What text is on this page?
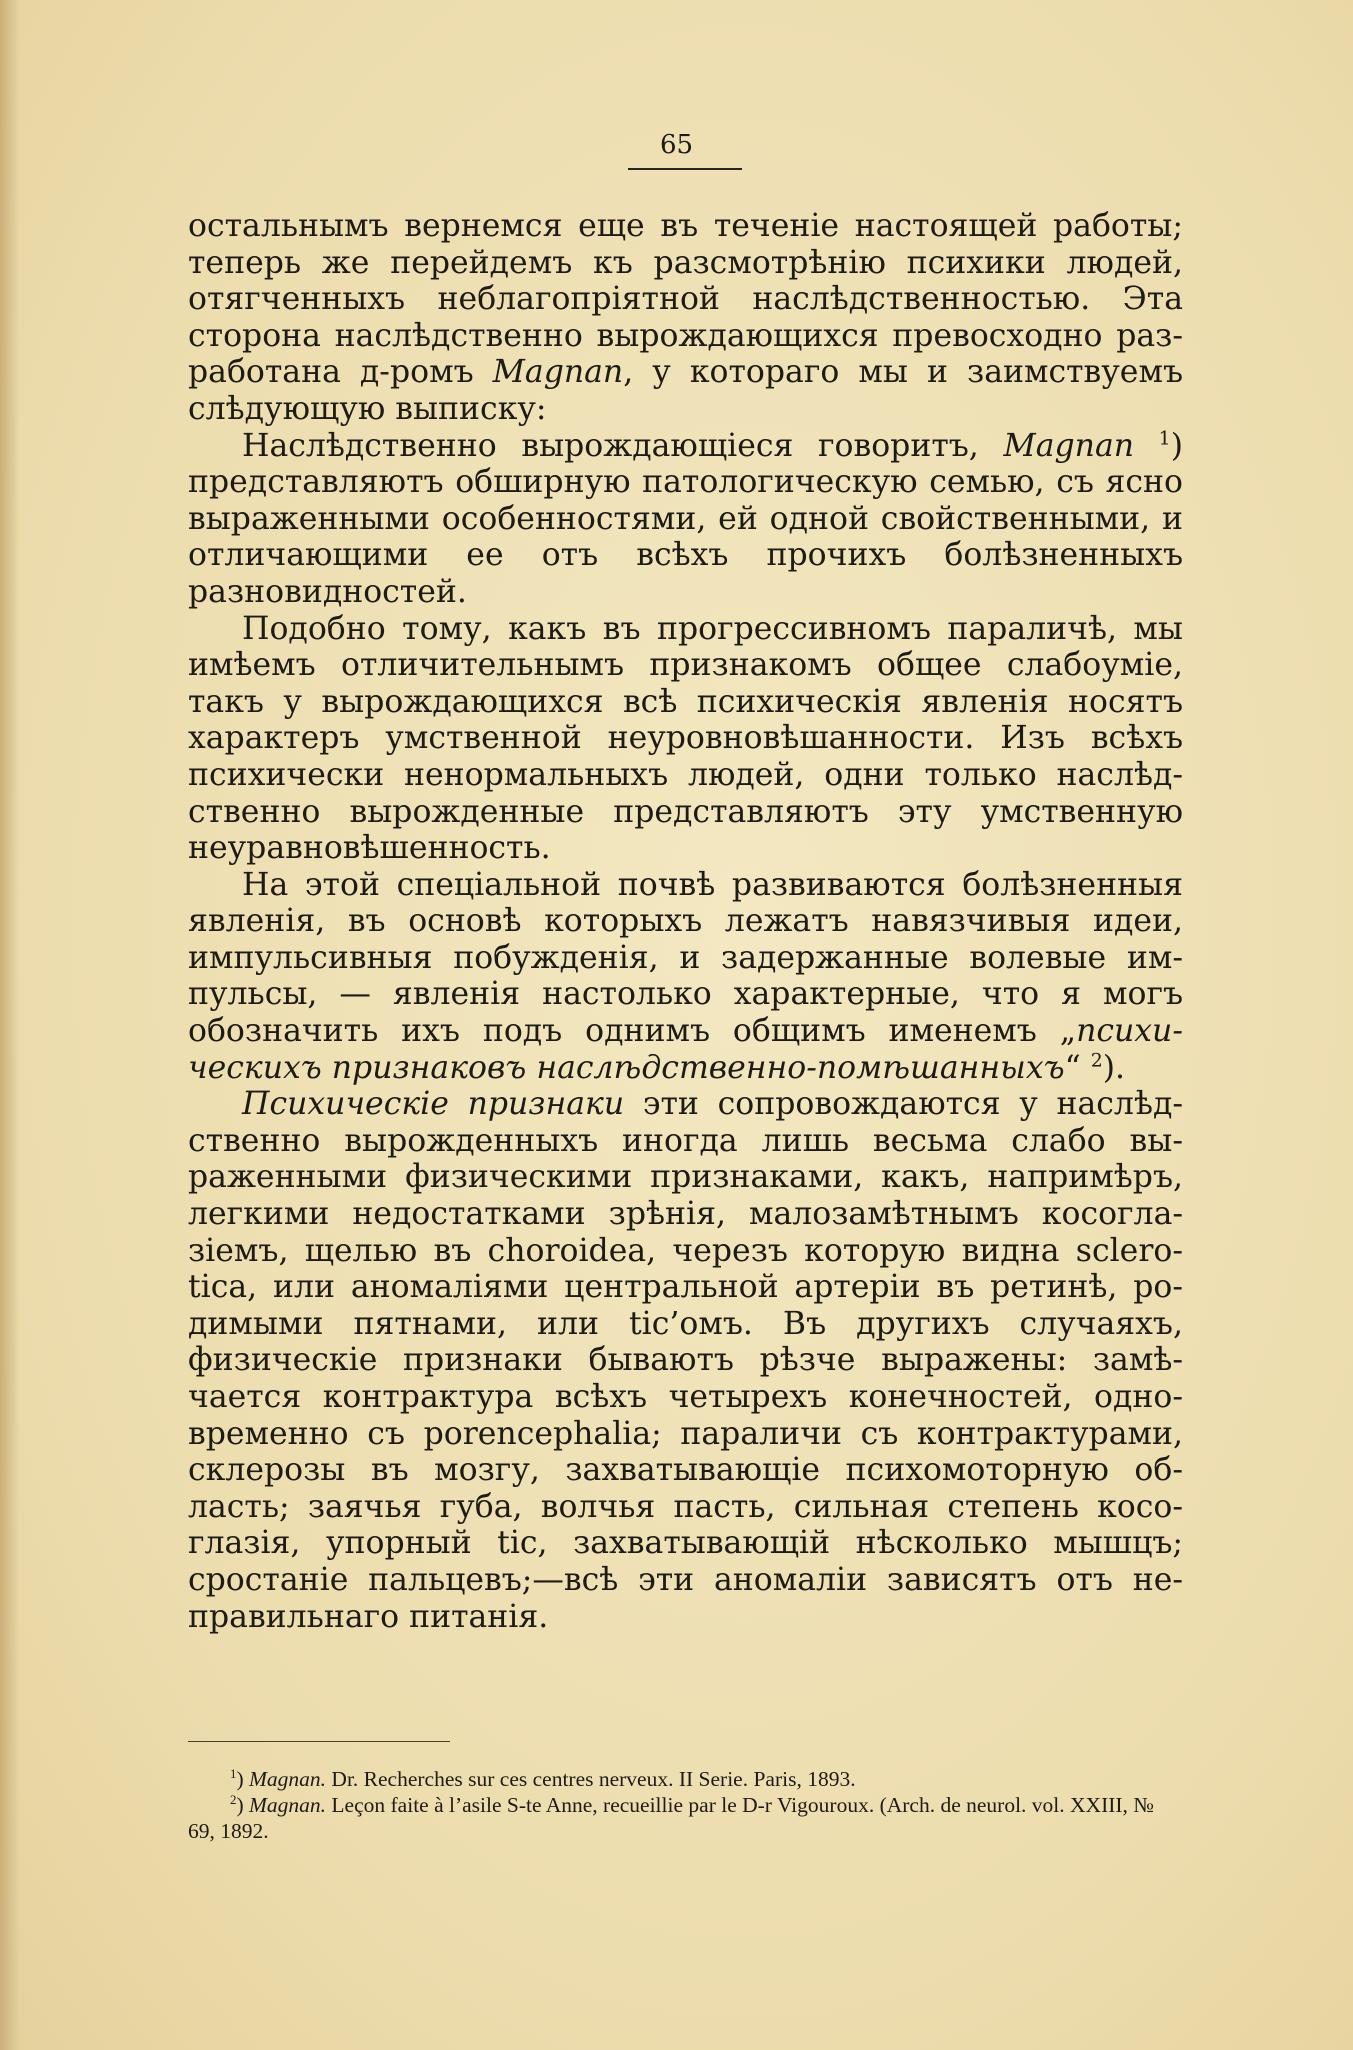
65

остальнымъ вернемся еще въ теченіе настоящей работы; теперь же перейдемъ къ разсмотрѣнію психики людей, отягченныхъ неблагопріятной наслѣдственностью. Эта сторона наслѣдственно вырождающихся превосходно разработана д-ромъ Magnan, у котораго мы и заимствуемъ слѣдующую выписку:

Наслѣдственно вырождающіеся говоритъ, Magnan $^1$) представляютъ обширную патологическую семью, съ ясно выраженными особенностями, ей одной свойственными, и отличающими ее отъ всѣхъ прочихъ болѣзненныхъ разновидностей.

Подобно тому, какъ въ прогрессивномъ параличѣ, мы имѣемъ отличительнымъ признакомъ общее слабоуміе, такъ у вырождающихся всѣ психическія явленія носятъ характеръ умственной неуровновѣшанности. Изъ всѣхъ психически ненормальныхъ людей, одни только наслѣдственно вырожденные представляютъ эту умственную неуравновѣшенность.

На этой спеціальной почвѣ развиваются болѣзненныя явленія, въ основѣ которыхъ лежатъ навязчивыя идеи, импульсивныя побужденія, и задержанные волевые импульсы, — явленія настолько характерные, что я могъ обозначить ихъ подъ однимъ общимъ именемъ „психическихъ признаковъ наслѣдственно-помѣшанныхъ“ $^2$).

Психическіе признаки эти сопровождаются у наслѣдственно вырожденныхъ иногда лишь весьма слабо выраженными физическими признаками, какъ, напримѣръ, легкими недостатками зрѣнія, малозамѣтнымъ косоглазіемъ, щелью въ choroidea, черезъ которую видна sclerotica, или аномаліями центральной артеріи въ ретинѣ, родимыми пятнами, или tic’омъ. Въ другихъ случаяхъ, физическіе признаки бываютъ рѣзче выражены: замѣчается контрактура всѣхъ четырехъ конечностей, одновременно съ porencephalia; параличи съ контрактурами, склерозы въ мозгу, захватывающіе психомоторную область; заячья губа, волчья пасть, сильная степень косоглазія, упорный tic, захватывающій нѣсколько мышцъ; сростаніе пальцевъ;—всѣ эти аномаліи зависятъ отъ неправильнаго питанія.

$^1$) Magnan. Dr. Recherches sur ces centres nerveux. II Serie. Paris, 1893.

$^2$) Magnan. Leçon faite à l’asile S-te Anne, recueillie par le D-r Vigouroux. (Arch. de neurol. vol. XXIII, № 69, 1892.
